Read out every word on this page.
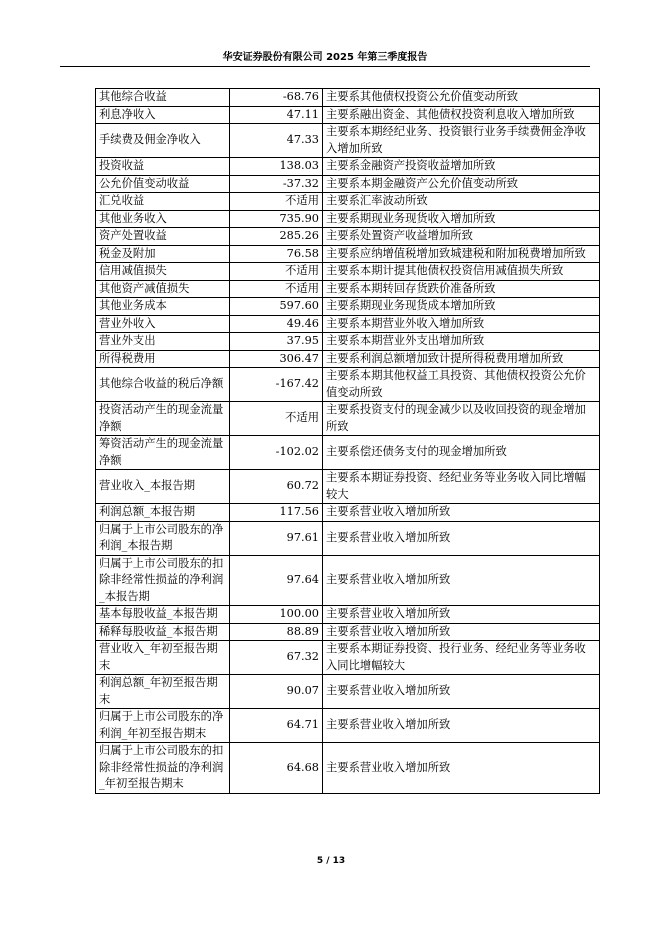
华安证券股份有限公司 2025 年第三季度报告
其他综合收益	-68.76	主要系其他债权投资公允价值变动所致
利息净收入	47.11	主要系融出资金、其他债权投资利息收入增加所致
手续费及佣金净收入	47.33	主要系本期经纪业务、投资银行业务手续费佣金净收入增加所致
投资收益	138.03	主要系金融资产投资收益增加所致
公允价值变动收益	-37.32	主要系本期金融资产公允价值变动所致
汇兑收益	不适用	主要系汇率波动所致
其他业务收入	735.90	主要系期现业务现货收入增加所致
资产处置收益	285.26	主要系处置资产收益增加所致
税金及附加	76.58	主要系应纳增值税增加致城建税和附加税费增加所致
信用减值损失	不适用	主要系本期计提其他债权投资信用减值损失所致
其他资产减值损失	不适用	主要系本期转回存货跌价准备所致
其他业务成本	597.60	主要系期现业务现货成本增加所致
营业外收入	49.46	主要系本期营业外收入增加所致
营业外支出	37.95	主要系本期营业外支出增加所致
所得税费用	306.47	主要系利润总额增加致计提所得税费用增加所致
其他综合收益的税后净额	-167.42	主要系本期其他权益工具投资、其他债权投资公允价值变动所致
投资活动产生的现金流量净额	不适用	主要系投资支付的现金减少以及收回投资的现金增加所致
筹资活动产生的现金流量净额	-102.02	主要系偿还债务支付的现金增加所致
营业收入_本报告期	60.72	主要系本期证券投资、经纪业务等业务收入同比增幅较大
利润总额_本报告期	117.56	主要系营业收入增加所致
归属于上市公司股东的净利润_本报告期	97.61	主要系营业收入增加所致
归属于上市公司股东的扣除非经常性损益的净利润_本报告期	97.64	主要系营业收入增加所致
基本每股收益_本报告期	100.00	主要系营业收入增加所致
稀释每股收益_本报告期	88.89	主要系营业收入增加所致
营业收入_年初至报告期末	67.32	主要系本期证券投资、投行业务、经纪业务等业务收入同比增幅较大
利润总额_年初至报告期末	90.07	主要系营业收入增加所致
归属于上市公司股东的净利润_年初至报告期末	64.71	主要系营业收入增加所致
归属于上市公司股东的扣除非经常性损益的净利润_年初至报告期末	64.68	主要系营业收入增加所致
5 / 13
